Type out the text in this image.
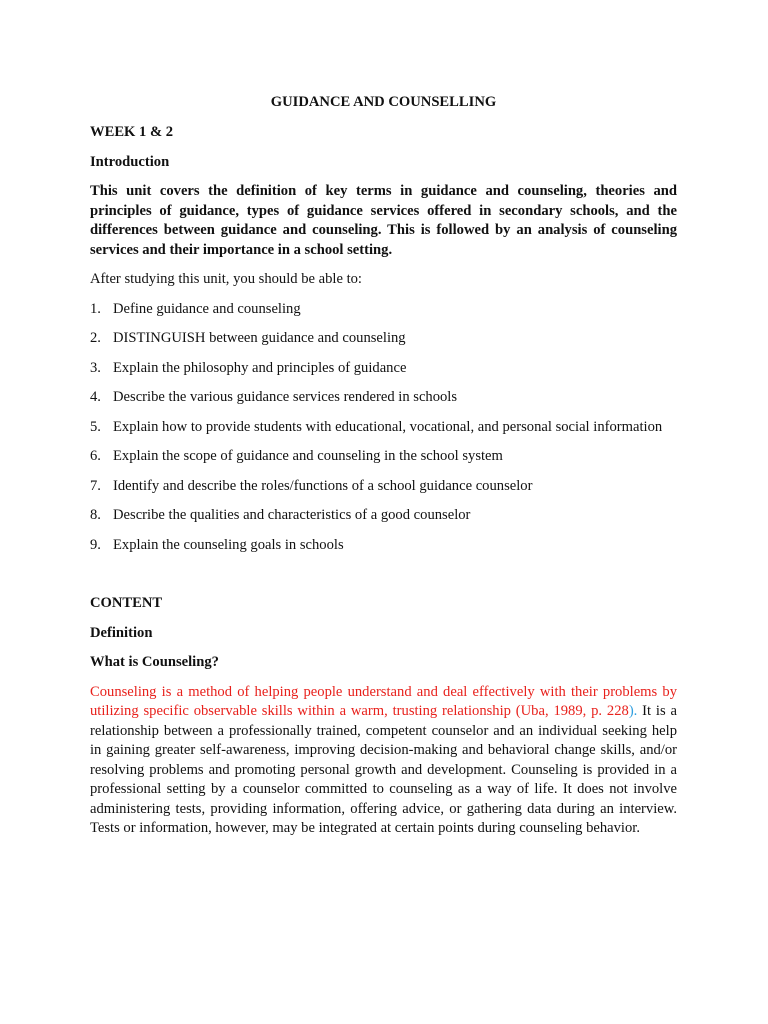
GUIDANCE AND COUNSELLING
WEEK 1 & 2
Introduction
This unit covers the definition of key terms in guidance and counseling, theories and principles of guidance, types of guidance services offered in secondary schools, and the differences between guidance and counseling. This is followed by an analysis of counseling services and their importance in a school setting.
After studying this unit, you should be able to:
1. Define guidance and counseling
2. DISTINGUISH between guidance and counseling
3. Explain the philosophy and principles of guidance
4. Describe the various guidance services rendered in schools
5. Explain how to provide students with educational, vocational, and personal social information
6. Explain the scope of guidance and counseling in the school system
7. Identify and describe the roles/functions of a school guidance counselor
8. Describe the qualities and characteristics of a good counselor
9. Explain the counseling goals in schools
CONTENT
Definition
What is Counseling?
Counseling is a method of helping people understand and deal effectively with their problems by utilizing specific observable skills within a warm, trusting relationship (Uba, 1989, p. 228). It is a relationship between a professionally trained, competent counselor and an individual seeking help in gaining greater self-awareness, improving decision-making and behavioral change skills, and/or resolving problems and promoting personal growth and development. Counseling is provided in a professional setting by a counselor committed to counseling as a way of life. It does not involve administering tests, providing information, offering advice, or gathering data during an interview. Tests or information, however, may be integrated at certain points during counseling behavior.
